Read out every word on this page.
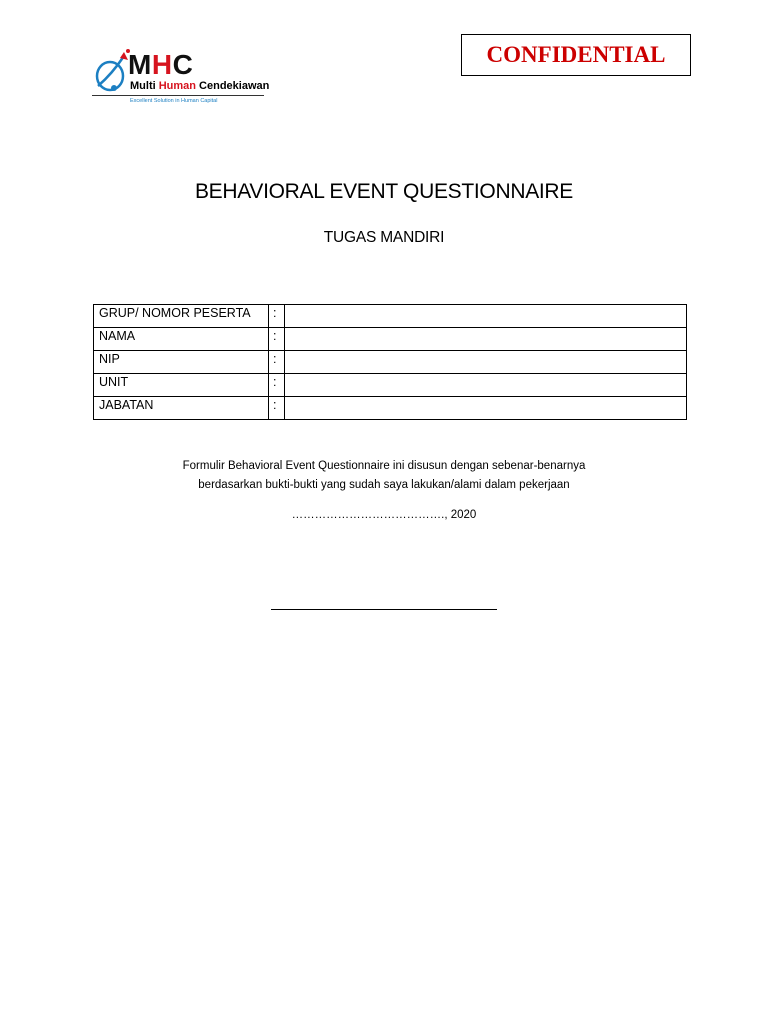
MHC
Multi Human Cendekiawan
Excellent Solution in Human Capital
CONFIDENTIAL
BEHAVIORAL EVENT QUESTIONNAIRE
TUGAS MANDIRI
GRUP/ NOMOR PESERTA	:	
NAMA	:	
NIP	:	
UNIT	:	
JABATAN	:	
Formulir Behavioral Event Questionnaire ini disusun dengan sebenar-benarnya
berdasarkan bukti-bukti yang sudah saya lakukan/alami dalam pekerjaan
…………………………………., 2020
